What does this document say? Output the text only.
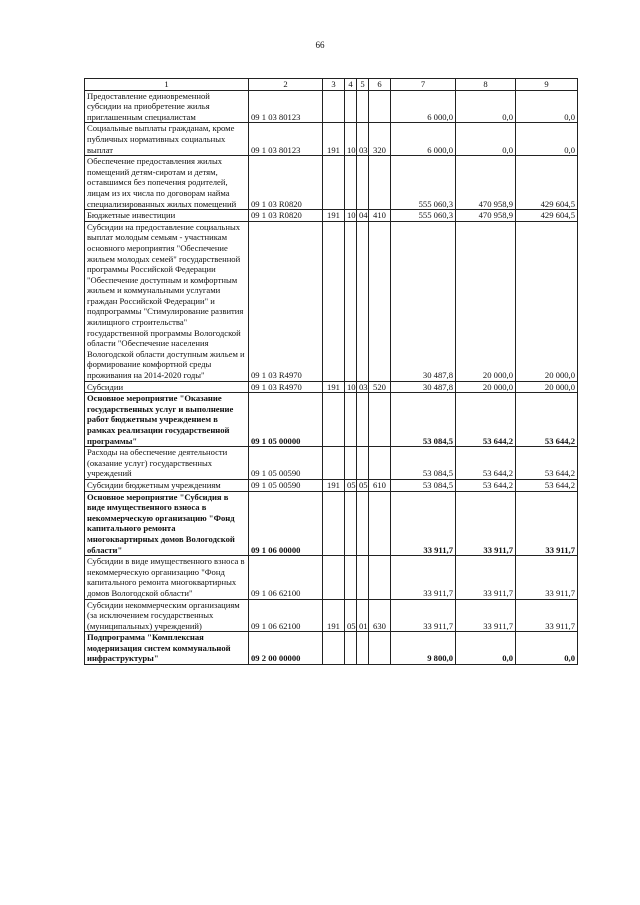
66
1	2	3	4	5	6	7	8	9
Предоставление единовременной субсидии на приобретение жилья приглашенным специалистам	09 1 03 80123					6 000,0	0,0	0,0
Социальные выплаты гражданам, кроме публичных нормативных социальных выплат	09 1 03 80123	191	10	03	320	6 000,0	0,0	0,0
Обеспечение предоставления жилых помещений детям-сиротам и детям, оставшимся без попечения родителей, лицам из их числа по договорам найма специализированных жилых помещений	09 1 03 R0820					555 060,3	470 958,9	429 604,5
Бюджетные инвестиции	09 1 03 R0820	191	10	04	410	555 060,3	470 958,9	429 604,5
Субсидии на предоставление социальных выплат молодым семьям - участникам основного мероприятия "Обеспечение жильем молодых семей" государственной программы Российской Федерации "Обеспечение доступным и комфортным жильем и коммунальными услугами граждан Российской Федерации" и подпрограммы "Стимулирование развития жилищного строительства" государственной программы Вологодской области "Обеспечение населения Вологодской области доступным жильем и формирование комфортной среды проживания на 2014-2020 годы"	09 1 03 R4970					30 487,8	20 000,0	20 000,0
Субсидии	09 1 03 R4970	191	10	03	520	30 487,8	20 000,0	20 000,0
Основное мероприятие "Оказание государственных услуг и выполнение работ бюджетным учреждением в рамках реализации государственной программы"	09 1 05 00000					53 084,5	53 644,2	53 644,2
Расходы на обеспечение деятельности (оказание услуг) государственных учреждений	09 1 05 00590					53 084,5	53 644,2	53 644,2
Субсидии бюджетным учреждениям	09 1 05 00590	191	05	05	610	53 084,5	53 644,2	53 644,2
Основное мероприятие "Субсидия в виде имущественного взноса в некоммерческую организацию "Фонд капитального ремонта многоквартирных домов Вологодской области"	09 1 06 00000					33 911,7	33 911,7	33 911,7
Субсидии в виде имущественного взноса в некоммерческую организацию "Фонд капитального ремонта многоквартирных домов Вологодской области"	09 1 06 62100					33 911,7	33 911,7	33 911,7
Субсидии некоммерческим организациям (за исключением государственных (муниципальных) учреждений)	09 1 06 62100	191	05	01	630	33 911,7	33 911,7	33 911,7
Подпрограмма "Комплексная модернизация систем коммунальной инфраструктуры"	09 2 00 00000					9 800,0	0,0	0,0
